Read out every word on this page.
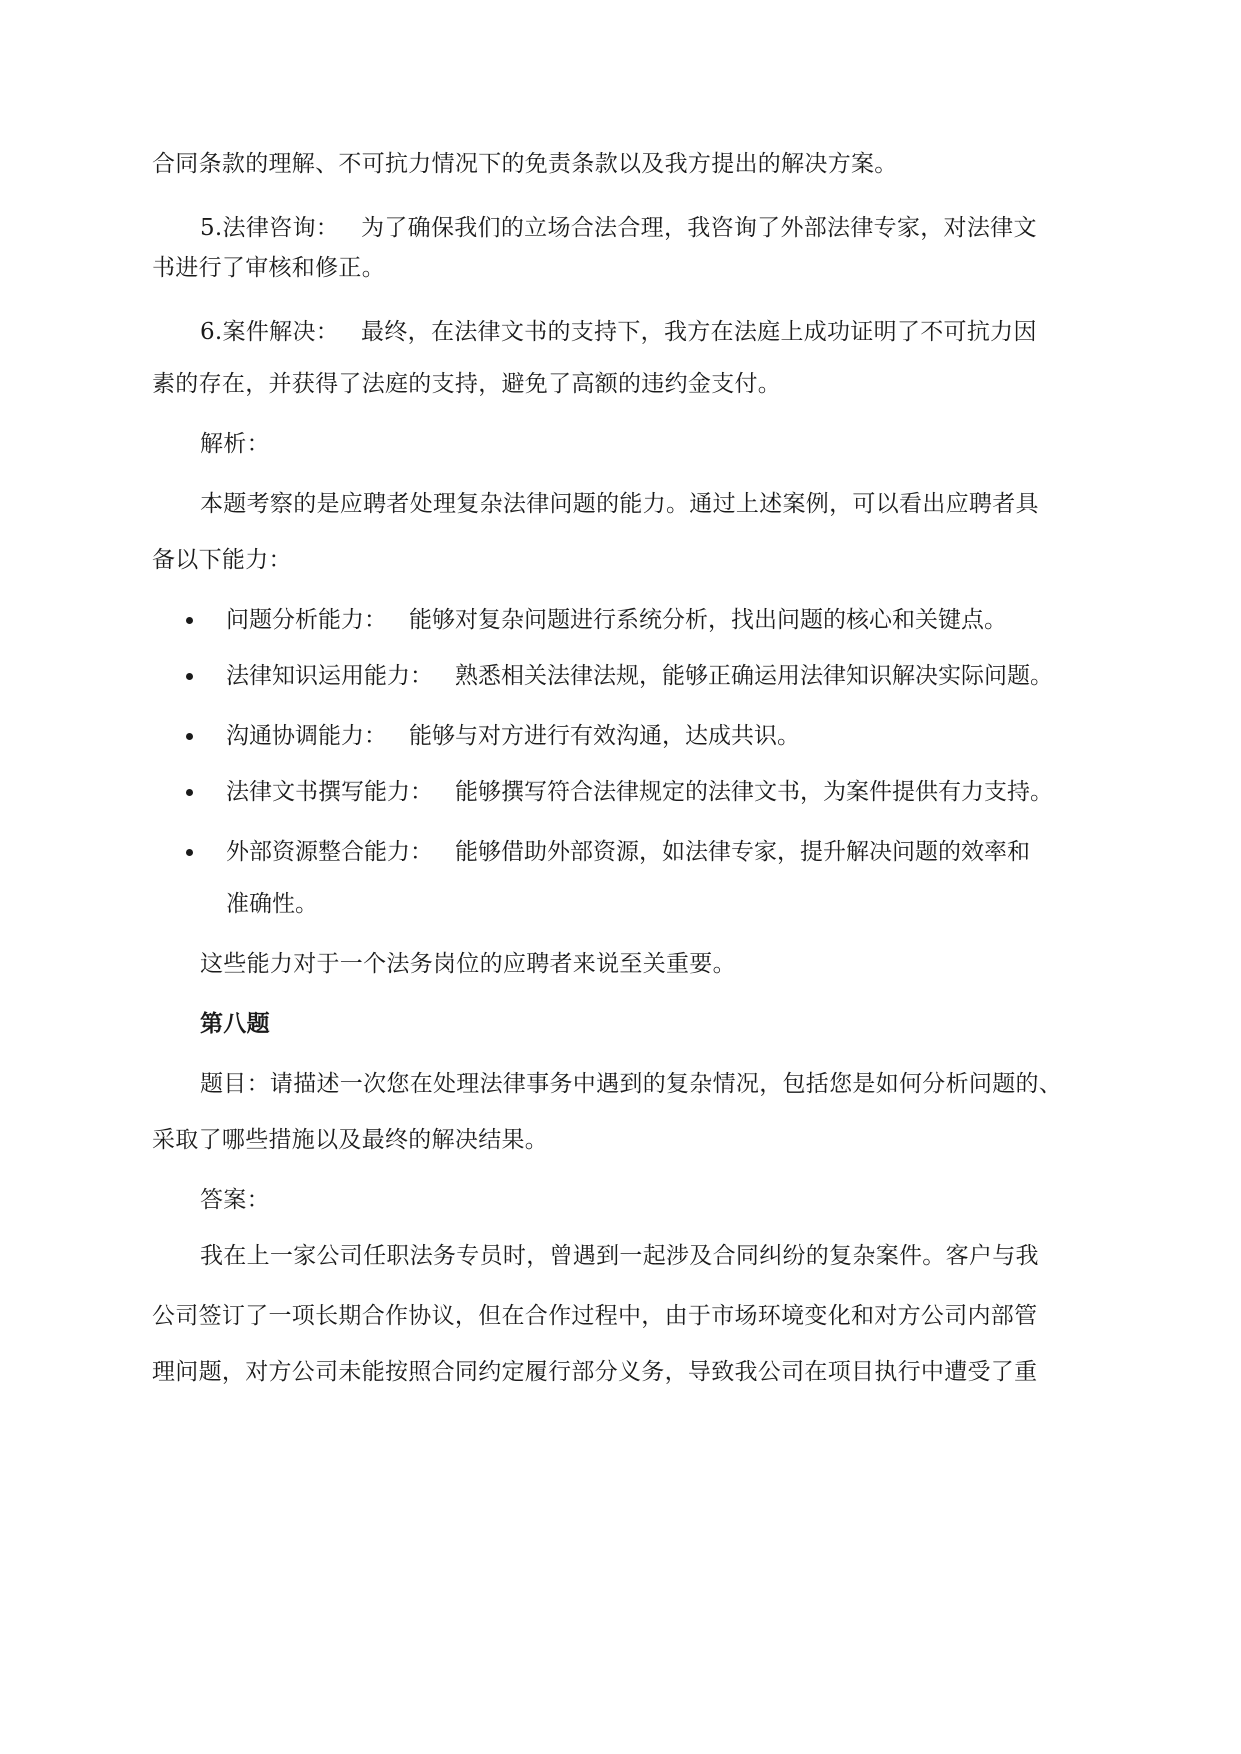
合同条款的理解、不可抗力情况下的免责条款以及我方提出的解决方案。
5.法律咨询： 为了确保我们的立场合法合理，我咨询了外部法律专家，对法律文
书进行了审核和修正。
6.案件解决： 最终，在法律文书的支持下，我方在法庭上成功证明了不可抗力因
素的存在，并获得了法庭的支持，避免了高额的违约金支付。
解析：
本题考察的是应聘者处理复杂法律问题的能力。通过上述案例，可以看出应聘者具
备以下能力：
问题分析能力： 能够对复杂问题进行系统分析，找出问题的核心和关键点。
法律知识运用能力： 熟悉相关法律法规，能够正确运用法律知识解决实际问题。
沟通协调能力： 能够与对方进行有效沟通，达成共识。
法律文书撰写能力： 能够撰写符合法律规定的法律文书，为案件提供有力支持。
外部资源整合能力： 能够借助外部资源，如法律专家，提升解决问题的效率和
准确性。
这些能力对于一个法务岗位的应聘者来说至关重要。
第八题
题目：请描述一次您在处理法律事务中遇到的复杂情况，包括您是如何分析问题的、
采取了哪些措施以及最终的解决结果。
答案：
我在上一家公司任职法务专员时，曾遇到一起涉及合同纠纷的复杂案件。客户与我
公司签订了一项长期合作协议，但在合作过程中，由于市场环境变化和对方公司内部管
理问题，对方公司未能按照合同约定履行部分义务，导致我公司在项目执行中遭受了重
